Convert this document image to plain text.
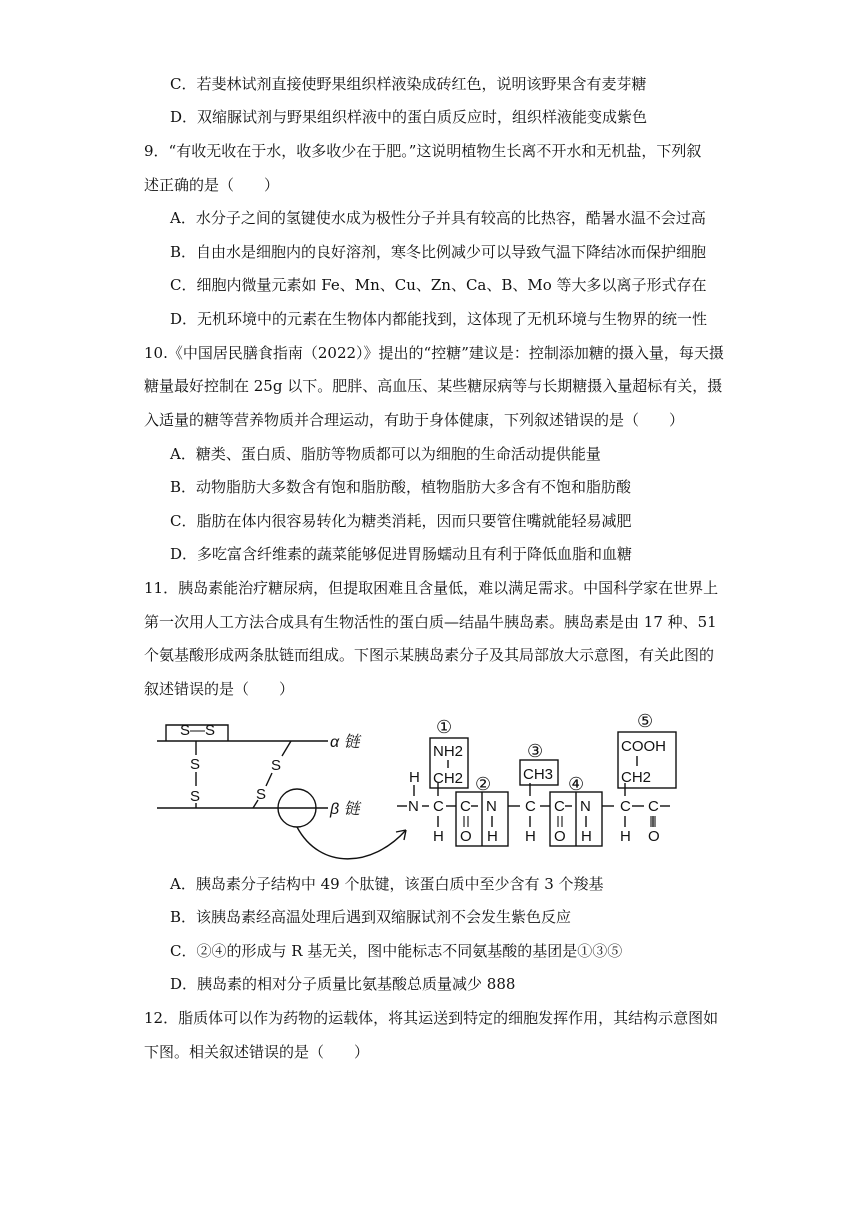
C．若斐林试剂直接使野果组织样液染成砖红色，说明该野果含有麦芽糖
D．双缩脲试剂与野果组织样液中的蛋白质反应时，组织样液能变成紫色
9．“有收无收在于水，收多收少在于肥。”这说明植物生长离不开水和无机盐，下列叙
述正确的是（　　）
A．水分子之间的氢键使水成为极性分子并具有较高的比热容，酷暑水温不会过高
B．自由水是细胞内的良好溶剂，寒冬比例减少可以导致气温下降结冰而保护细胞
C．细胞内微量元素如 Fe、Mn、Cu、Zn、Ca、B、Mo 等大多以离子形式存在
D．无机环境中的元素在生物体内都能找到，这体现了无机环境与生物界的统一性
10.《中国居民膳食指南（2022）》提出的“控糖”建议是：控制添加糖的摄入量，每天摄
糖量最好控制在 25g 以下。肥胖、高血压、某些糖尿病等与长期糖摄入量超标有关，摄
入适量的糖等营养物质并合理运动，有助于身体健康，下列叙述错误的是（　　）
A．糖类、蛋白质、脂肪等物质都可以为细胞的生命活动提供能量
B．动物脂肪大多数含有饱和脂肪酸，植物脂肪大多含有不饱和脂肪酸
C．脂肪在体内很容易转化为糖类消耗，因而只要管住嘴就能轻易减肥
D．多吃富含纤维素的蔬菜能够促进胃肠蠕动且有利于降低血脂和血糖
11．胰岛素能治疗糖尿病，但提取困难且含量低，难以满足需求。中国科学家在世界上
第一次用人工方法合成具有生物活性的蛋白质—结晶牛胰岛素。胰岛素是由 17 种、51
个氨基酸形成两条肽链而组成。下图示某胰岛素分子及其局部放大示意图，有关此图的
叙述错误的是（　　）
S—S
S
S
S
S
α 链
β 链
①
②
③
④
⑤
NH2
CH2	CH3
COOH
CH2
H
N C
H
C
O
N
H
C
H
C
O
N
H
C
H
C
O
A．胰岛素分子结构中 49 个肽键，该蛋白质中至少含有 3 个羧基
B．该胰岛素经高温处理后遇到双缩脲试剂不会发生紫色反应
C．②④的形成与 R 基无关，图中能标志不同氨基酸的基团是①③⑤
D．胰岛素的相对分子质量比氨基酸总质量减少 888
12．脂质体可以作为药物的运载体，将其运送到特定的细胞发挥作用，其结构示意图如
下图。相关叙述错误的是（　　）
